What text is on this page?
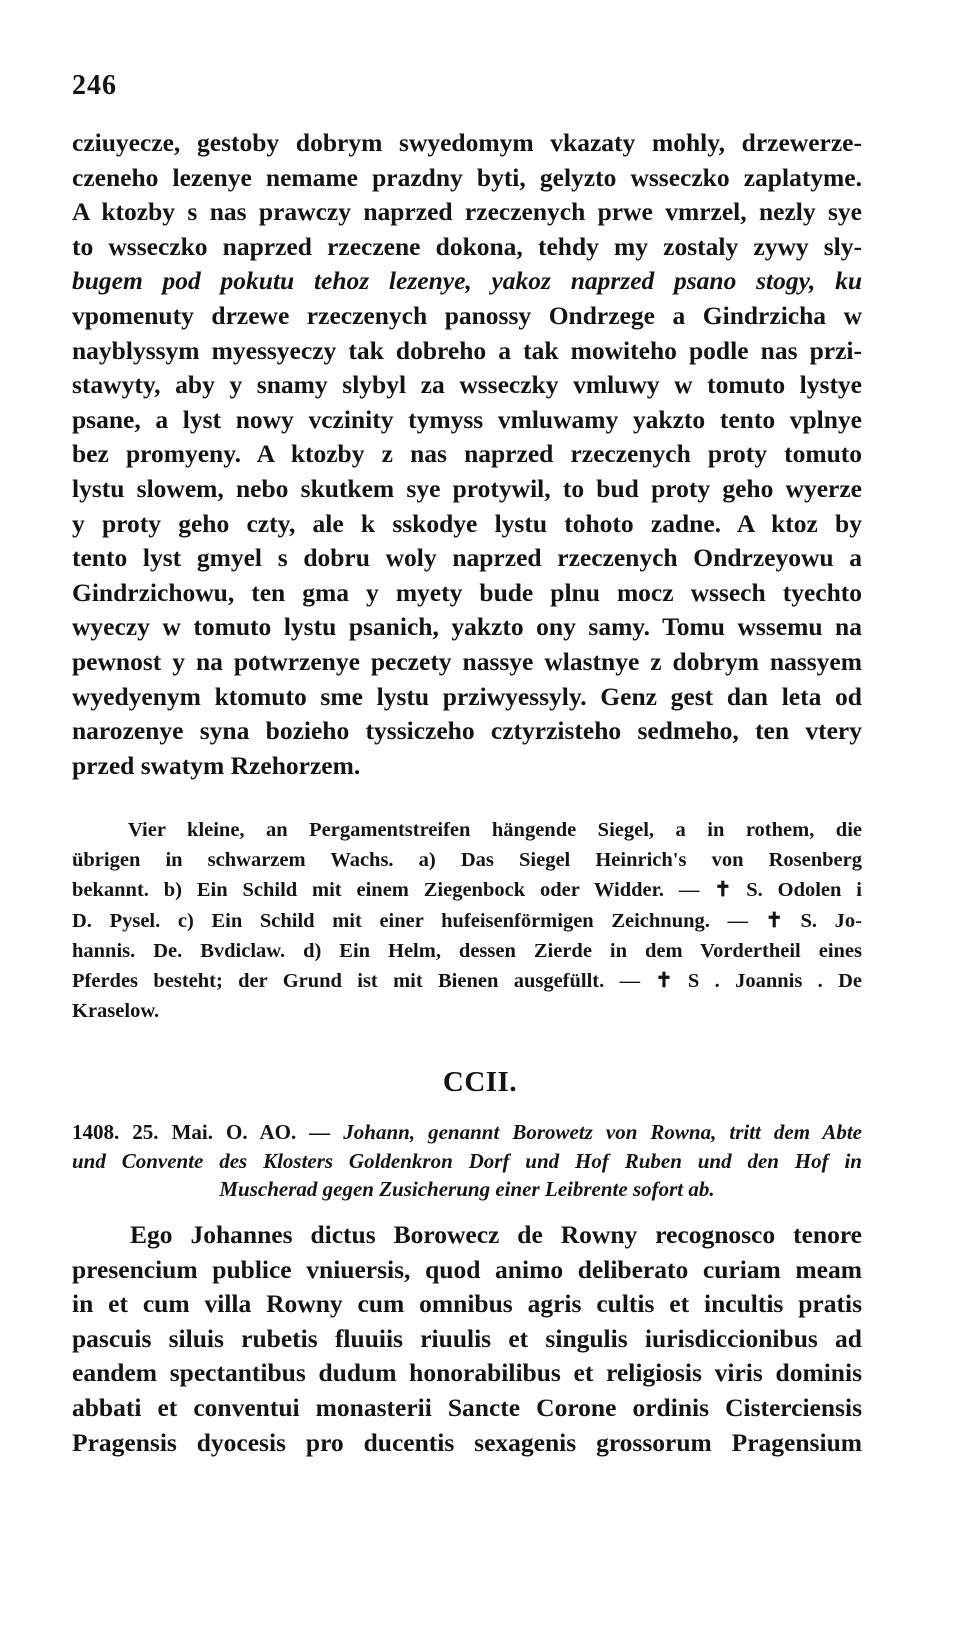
246
cziuyecze, gestoby dobrym swyedomym vkazaty mohly, drzewerze-
czeneho lezenye nemame prazdny byti, gelyzto wsseczko zaplatyme.
A ktozby s nas prawczy naprzed rzeczenych prwe vmrzel, nezly sye
to wsseczko naprzed rzeczene dokona, tehdy my zostaly zywy sly-
bugem pod pokutu tehoz lezenye, yakoz naprzed psano stogy, ku
vpomenuty drzewe rzeczenych panossy Ondrzege a Gindrzicha w
nayblyssym myessyeczy tak dobreho a tak mowiteho podle nas przi-
stawyty, aby y snamy slybyl za wsseczky vmluwy w tomuto lystye
psane, a lyst nowy vczinity tymyss vmluwamy yakzto tento vplnye
bez promyeny. A ktozby z nas naprzed rzeczenych proty tomuto
lystu slowem, nebo skutkem sye protywil, to bud proty geho wyerze
y proty geho czty, ale k sskodye lystu tohoto zadne. A ktoz by
tento lyst gmyel s dobru woly naprzed rzeczenych Ondrzeyowu a
Gindrzichowu, ten gma y myety bude plnu mocz wssech tyechto
wyeczy w tomuto lystu psanich, yakzto ony samy. Tomu wssemu na
pewnost y na potwrzenye peczety nassye wlastnye z dobrym nassyem
wyedyenym ktomuto sme lystu prziwyessyly. Genz gest dan leta od
narozenye syna bozieho tyssiczeho cztyrzisteho sedmeho, ten vtery
przed swatym Rzehorzem.
Vier kleine, an Pergamentstreifen hängende Siegel, a in rothem, die
übrigen in schwarzem Wachs. a) Das Siegel Heinrich's von Rosenberg
bekannt. b) Ein Schild mit einem Ziegenbock oder Widder. — ✝ S. Odolen i
D. Pysel. c) Ein Schild mit einer hufeisenförmigen Zeichnung. — ✝ S. Jo-
hannis. De. Bvdiclaw. d) Ein Helm, dessen Zierde in dem Vordertheil eines
Pferdes besteht; der Grund ist mit Bienen ausgefüllt. — ✝ S . Joannis . De
Kraselow.
CCII.
1408. 25. Mai. O. AO. — Johann, genannt Borowetz von Rowna, tritt dem Abte
und Convente des Klosters Goldenkron Dorf und Hof Ruben und den Hof in
Muscherad gegen Zusicherung einer Leibrente sofort ab.
Ego Johannes dictus Borowecz de Rowny recognosco tenore
presencium publice vniuersis, quod animo deliberato curiam meam
in et cum villa Rowny cum omnibus agris cultis et incultis pratis
pascuis siluis rubetis fluuiis riuulis et singulis iurisdiccionibus ad
eandem spectantibus dudum honorabilibus et religiosis viris dominis
abbati et conventui monasterii Sancte Corone ordinis Cisterciensis
Pragensis dyocesis pro ducentis sexagenis grossorum Pragensium
